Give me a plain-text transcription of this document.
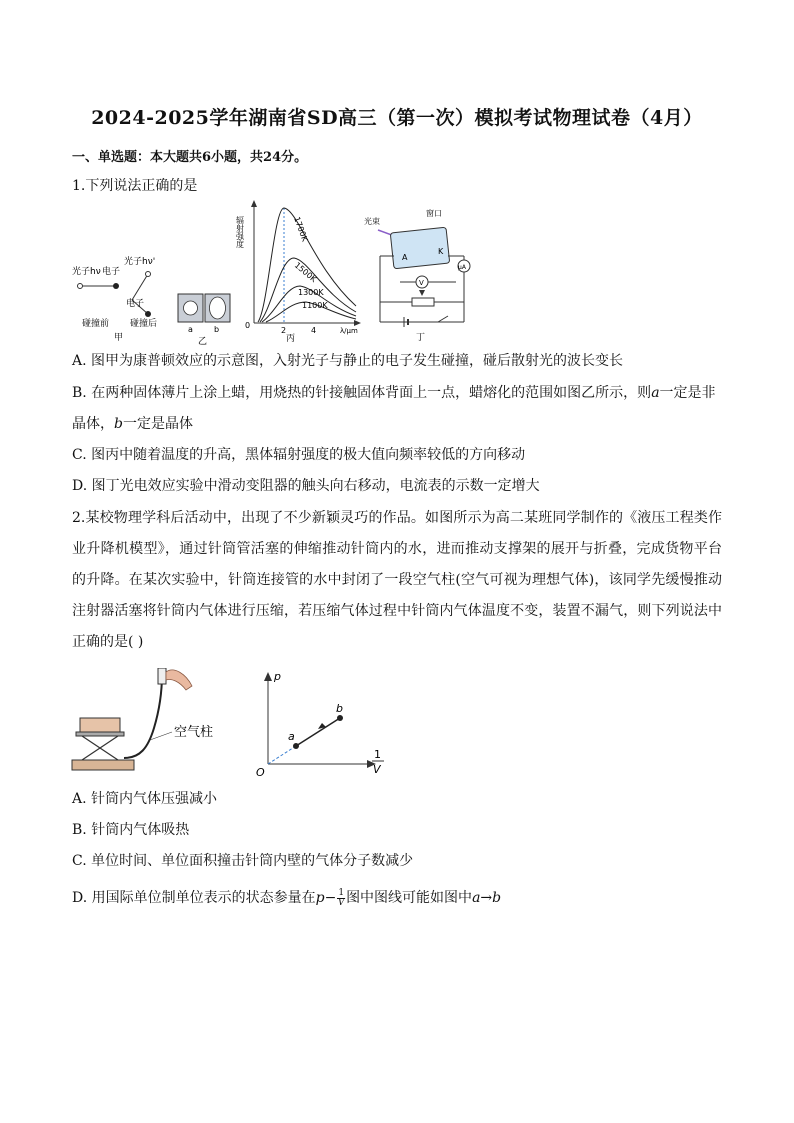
2024-2025学年湖南省SD高三（第一次）模拟考试物理试卷（4月）
一、单选题：本大题共6小题，共24分。
1.下列说法正确的是
光子hν 电子
光子hν'
电子
碰撞前 碰撞后
甲
a	b
乙
辐射强度
0
2	4	λ/μm
1700K
1500K
1300K
1100K
丙
光束
窗口
A
K
μA
V
丁
A. 图甲为康普顿效应的示意图，入射光子与静止的电子发生碰撞，碰后散射光的波长变长
B. 在两种固体薄片上涂上蜡，用烧热的针接触固体背面上一点，蜡熔化的范围如图乙所示，则a一定是非
晶体，b一定是晶体
C. 图丙中随着温度的升高，黑体辐射强度的极大值向频率较低的方向移动
D. 图丁光电效应实验中滑动变阻器的触头向右移动，电流表的示数一定增大
2.某校物理学科后活动中，出现了不少新颖灵巧的作品。如图所示为高二某班同学制作的《液压工程类作业升降机模型》，通过针筒管活塞的伸缩推动针筒内的水，进而推动支撑架的展开与折叠，完成货物平台的升降。在某次实验中，针筒连接管的水中封闭了一段空气柱(空气可视为理想气体)，该同学先缓慢推动注射器活塞将针筒内气体进行压缩，若压缩气体过程中针筒内气体温度不变，装置不漏气，则下列说法中正确的是( )
空气柱
p
O
1
V
a
b
A. 针筒内气体压强减小
B. 针筒内气体吸热
C. 单位时间、单位面积撞击针筒内壁的气体分子数减少
D. 用国际单位制单位表示的状态参量在 $p - \frac{1}{V}$ 图中图线可能如图中 a → b
